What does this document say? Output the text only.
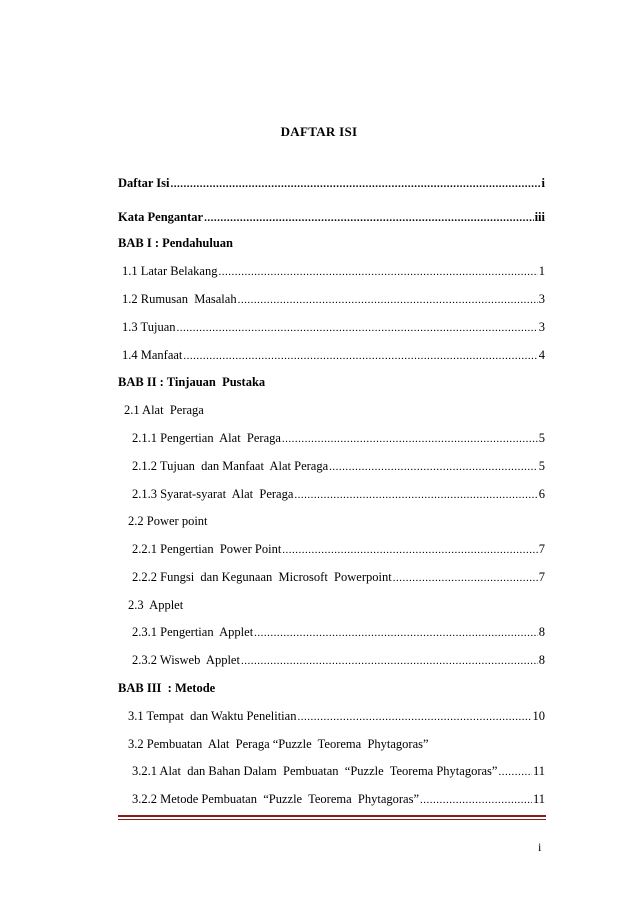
DAFTAR ISI
Daftar Isi .....	i
Kata Pengantar .....	iii
BAB I : Pendahuluan
1.1 Latar Belakang .....	1
1.2 Rumusan  Masalah .....	3
1.3 Tujuan .....	3
1.4 Manfaat .....	4
BAB II : Tinjauan  Pustaka
2.1 Alat  Peraga
2.1.1 Pengertian  Alat  Peraga .....	5
2.1.2 Tujuan  dan Manfaat  Alat Peraga .....	5
2.1.3 Syarat-syarat  Alat  Peraga .....	6
2.2 Power point
2.2.1 Pengertian  Power Point .....	7
2.2.2 Fungsi  dan Kegunaan  Microsoft  Powerpoint .....	7
2.3  Applet
2.3.1 Pengertian  Applet .....	8
2.3.2 Wisweb  Applet .....	8
BAB III  : Metode
3.1 Tempat  dan Waktu Penelitian .....	10
3.2 Pembuatan  Alat  Peraga “Puzzle  Teorema  Phytagoras”
3.2.1 Alat  dan Bahan Dalam  Pembuatan  “Puzzle  Teorema Phytagoras” .....	11
3.2.2 Metode Pembuatan  “Puzzle  Teorema  Phytagoras” .....	11
i
